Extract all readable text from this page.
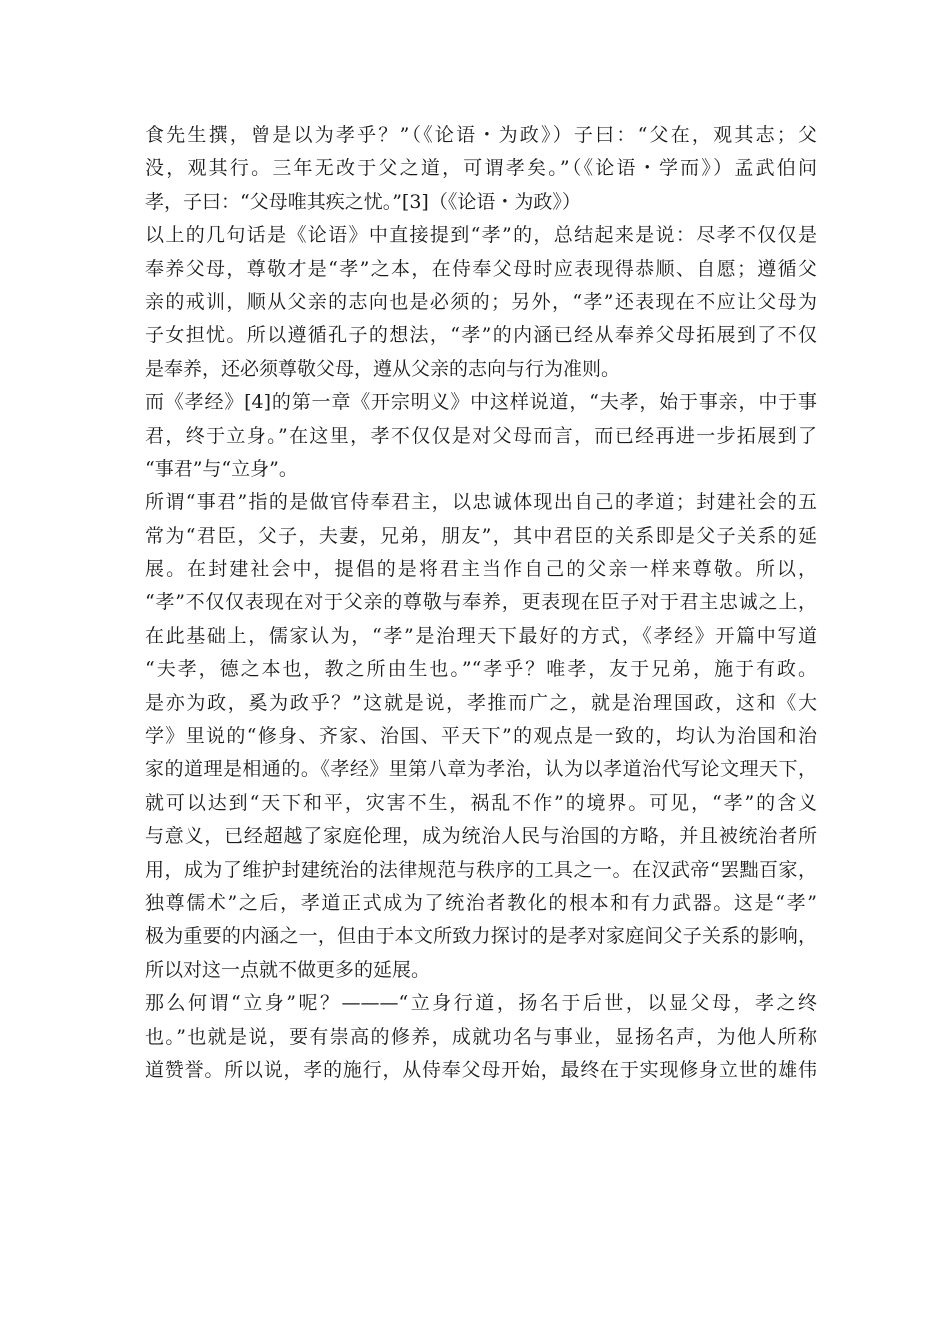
食先生撰，曾是以为孝乎？”（《论语・为政》）子曰：“父在，观其志；父
没，观其行。三年无改于父之道，可谓孝矣。”（《论语・学而》）孟武伯问
孝，子曰：“父母唯其疾之忧。”[3]（《论语・为政》）

以上的几句话是《论语》中直接提到“孝”的，总结起来是说：尽孝不仅仅是
奉养父母，尊敬才是“孝”之本，在侍奉父母时应表现得恭顺、自愿；遵循父
亲的戒训，顺从父亲的志向也是必须的；另外，“孝”还表现在不应让父母为
子女担忧。所以遵循孔子的想法，“孝”的内涵已经从奉养父母拓展到了不仅
是奉养，还必须尊敬父母，遵从父亲的志向与行为准则。

而《孝经》[4]的第一章《开宗明义》中这样说道，“夫孝，始于事亲，中于事
君，终于立身。”在这里，孝不仅仅是对父母而言，而已经再进一步拓展到了
“事君”与“立身”。

所谓“事君”指的是做官侍奉君主，以忠诚体现出自己的孝道；封建社会的五
常为“君臣，父子，夫妻，兄弟，朋友”，其中君臣的关系即是父子关系的延
展。在封建社会中，提倡的是将君主当作自己的父亲一样来尊敬。所以，
“孝”不仅仅表现在对于父亲的尊敬与奉养，更表现在臣子对于君主忠诚之上，
在此基础上，儒家认为，“孝”是治理天下最好的方式，《孝经》开篇中写道
“夫孝，德之本也，教之所由生也。”“孝乎？唯孝，友于兄弟，施于有政。
是亦为政，奚为政乎？”这就是说，孝推而广之，就是治理国政，这和《大
学》里说的“修身、齐家、治国、平天下”的观点是一致的，均认为治国和治
家的道理是相通的。《孝经》里第八章为孝治，认为以孝道治代写论文理天下，
就可以达到“天下和平，灾害不生，祸乱不作”的境界。可见，“孝”的含义
与意义，已经超越了家庭伦理，成为统治人民与治国的方略，并且被统治者所
用，成为了维护封建统治的法律规范与秩序的工具之一。在汉武帝“罢黜百家，
独尊儒术”之后，孝道正式成为了统治者教化的根本和有力武器。这是“孝”
极为重要的内涵之一，但由于本文所致力探讨的是孝对家庭间父子关系的影响，
所以对这一点就不做更多的延展。

那么何谓“立身”呢？———“立身行道，扬名于后世，以显父母，孝之终
也。”也就是说，要有崇高的修养，成就功名与事业，显扬名声，为他人所称
道赞誉。所以说，孝的施行，从侍奉父母开始，最终在于实现修身立世的雄伟
